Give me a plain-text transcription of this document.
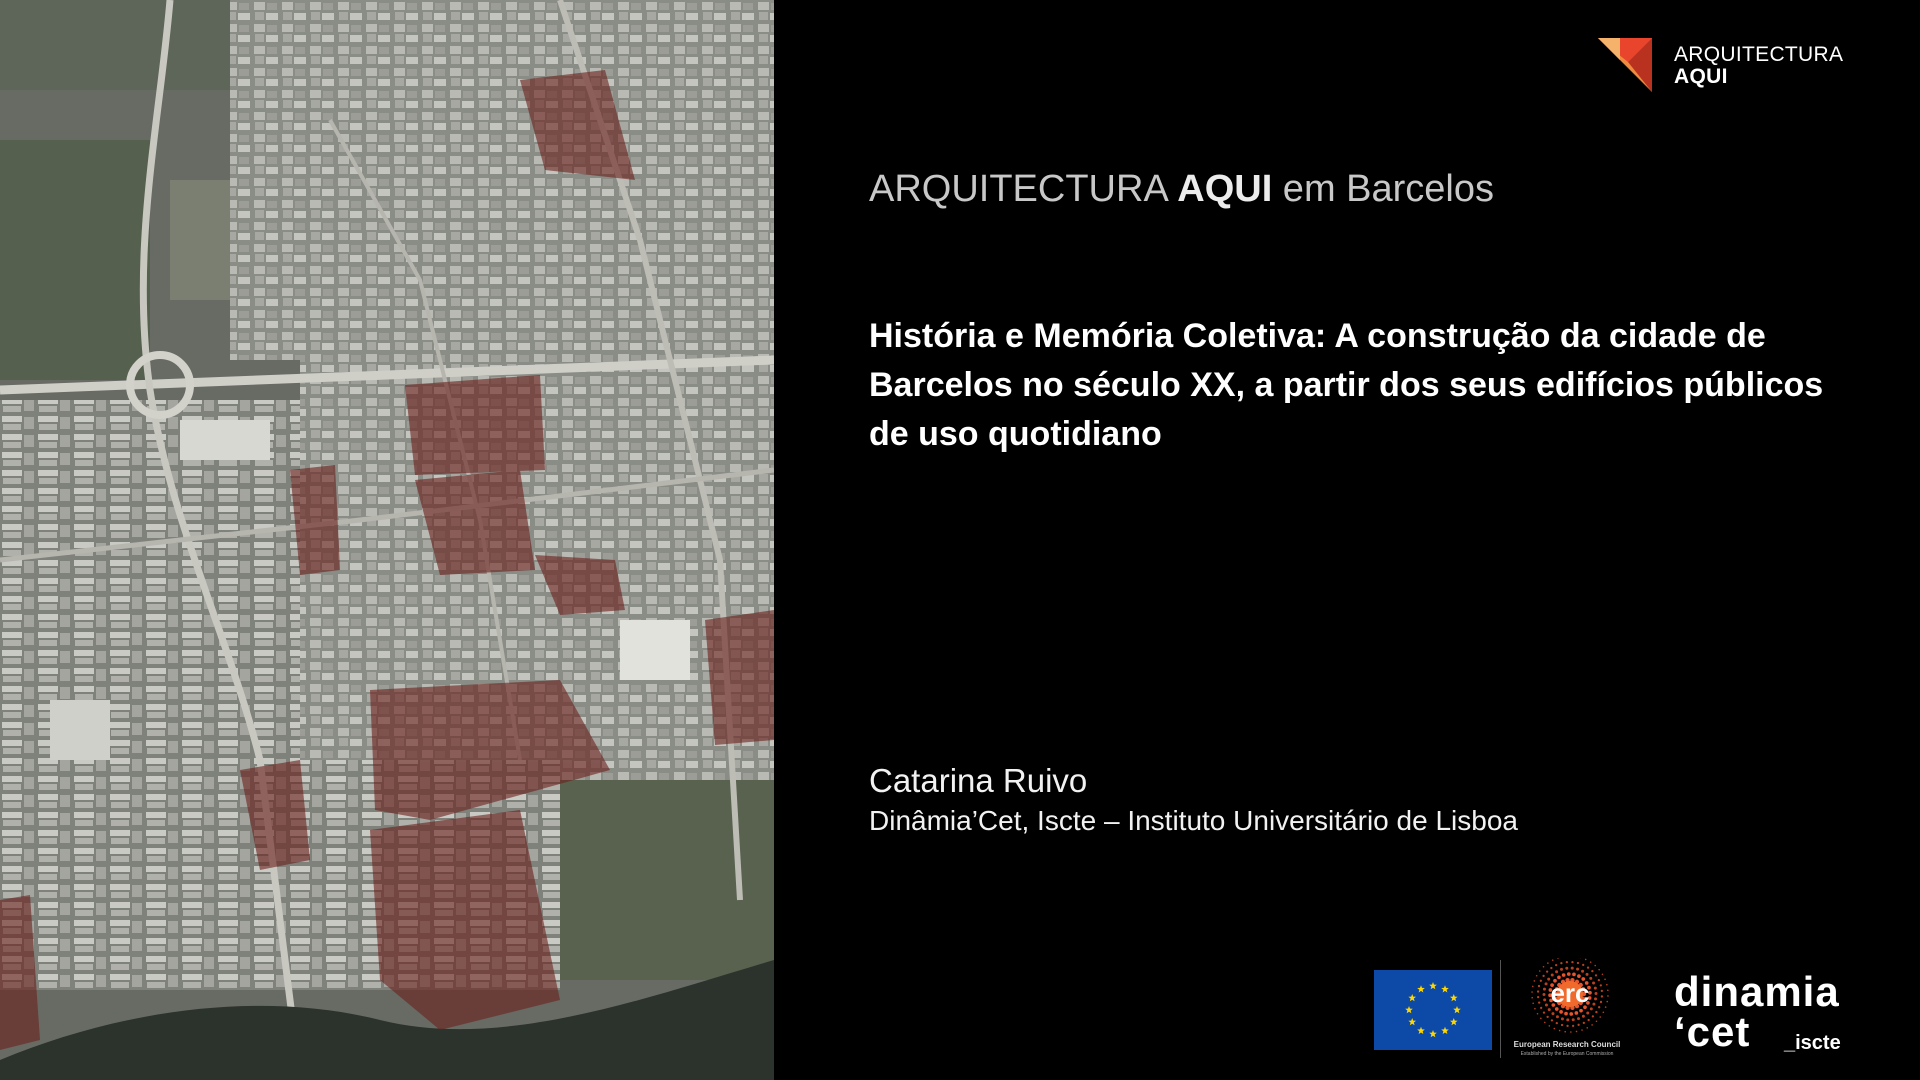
ARQUITECTURA
AQUI
ARQUITECTURA AQUI em Barcelos
História e Memória Coletiva: A construção da cidade de Barcelos no século XX, a partir dos seus edifícios públicos de uso quotidiano
Catarina Ruivo
Dinâmia’Cet, Iscte – Instituto Universitário de Lisboa
erc
European Research Council
Established by the European Commission
dinamia
‘cet _iscte
